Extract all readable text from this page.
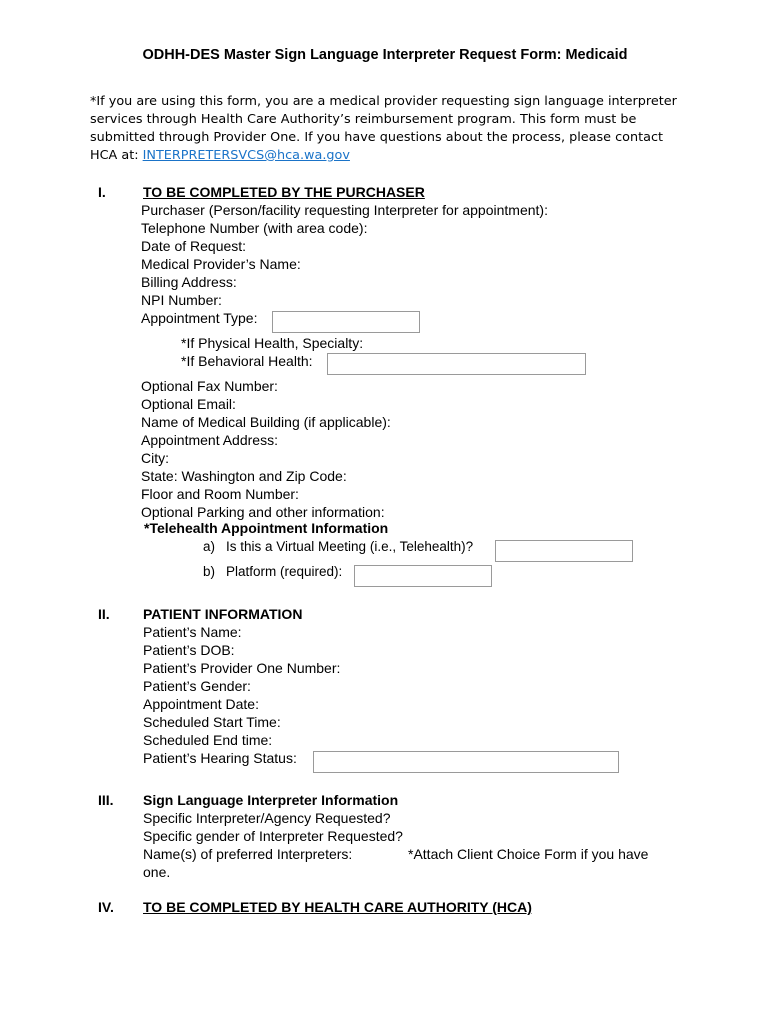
ODHH-DES Master Sign Language Interpreter Request Form: Medicaid
*If you are using this form, you are a medical provider requesting sign language interpreter services through Health Care Authority’s reimbursement program. This form must be submitted through Provider One. If you have questions about the process, please contact HCA at: INTERPRETERSVCS@hca.wa.gov
I.	TO BE COMPLETED BY THE PURCHASER
Purchaser (Person/facility requesting Interpreter for appointment):
Telephone Number (with area code):
Date of Request:
Medical Provider’s Name:
Billing Address:
NPI Number:
Appointment Type:
*If Physical Health, Specialty:
*If Behavioral Health:
Optional Fax Number:
Optional Email:
Name of Medical Building (if applicable):
Appointment Address:
City:
State: Washington and Zip Code:
Floor and Room Number:
Optional Parking and other information:
*Telehealth Appointment Information
a) Is this a Virtual Meeting (i.e., Telehealth)?
b) Platform (required):
II. PATIENT INFORMATION
Patient’s Name:
Patient’s DOB:
Patient’s Provider One Number:
Patient’s Gender:
Appointment Date:
Scheduled Start Time:
Scheduled End time:
Patient’s Hearing Status:
III. Sign Language Interpreter Information
Specific Interpreter/Agency Requested?
Specific gender of Interpreter Requested?
Name(s) of preferred Interpreters:	*Attach Client Choice Form if you have
one.
IV. TO BE COMPLETED BY HEALTH CARE AUTHORITY (HCA)
